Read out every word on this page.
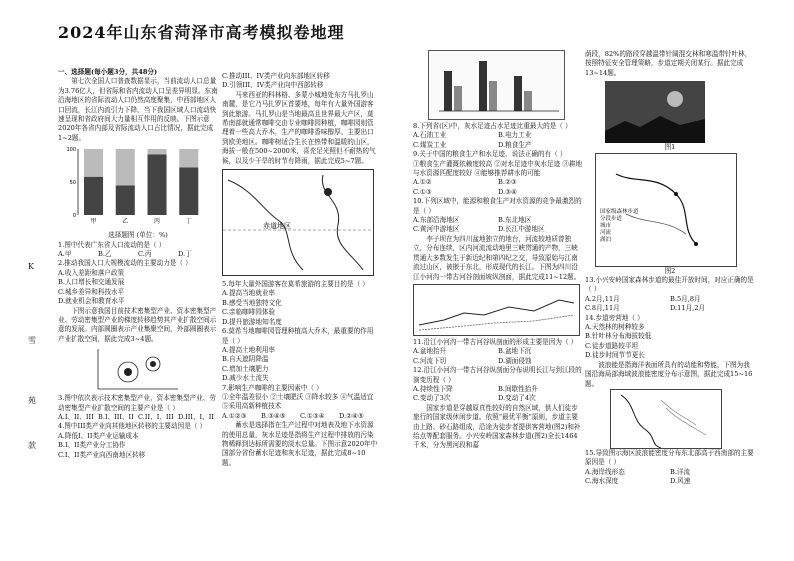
2024年山东省菏泽市高考模拟卷地理
K
雪
苑
款

一、选择题(每小题3分，共48分)

第七次全国人口普查数据显示，当前流动人口总量为3.76亿人，但省际和省内流动人口呈差异明显。东南沿海地区的省际流动人口仍然高度聚集，中西部地区人口回流，长江内流引力下降，当下我国区域人口流动快速呈现和省政府间大力量相互作用的反映。下图示意2020年各省内部及省际流动人口占比情况，据此完成1~2题。

甲	乙	丙	丁
0
50
100

选择题图 (单位：%)

1.图中代表广东省人口流动的是（ ）

A.甲	B.乙	C.丙	D.丁

2.推动我国人口大规模流动的主要动力是（ ）

A.收入差距和落户政策

B.人口增长和交通发展

C.城乡差异和科技水平

D.就业机会和教育水平

下图示意我国目前技术密集型产业、资本密集型产业、劳动密集型产业的梯度转移趋势其产业扩散空间示意的发展。内部圆圈表示产业集聚空间，外部圆圈表示产业扩散空间，据此完成3~4题。

3.图中依次表示技术密集型产业、资本密集型产业、劳动密集型产业扩散空间的主要产业是（ ）

A.I、II、III B.I、III、II C.II、I、III D.III、I、II

4.图中III类产业向其他地区转移的主要动因是（ ）

A.降低I、II类产业运输成本

B.I、II类产业分工协作

C.I、II类产业向西南地区转移

C.推动III、IV类产业向东部地区转移

D.引领III、IV类产业向中西部转移

马来西亚的科林格、多蒙小城地处东方马扎罗山南麓，是它乃马扎罗区首要地，每年有大量外国游客到此旅游。马扎罗山是当地最高且世界最大产区，莫希南部就通常咖啡交由专业咖啡园种植，咖啡园则管理着一些高大乔木，生产的咖啡香味醇厚。主要出口到欧美地区。咖啡树适合生长在热带和温暖的山区，海拔一般在500~2000米，喜充足光照但不耐热的气候，以及少干旱的时节有降雨，据此完成5~7题。

赤道地区

5.每年大量外国游客在莫希旅游的主要目的是（ ）

A.提高当地就业率

B.感受当地独特文化

C.亲临咖啡园体验

D.提升旅游地知名度

6.莫希当地咖啡园管理种植高大乔木，最重要的作用是（ ）

A.提高土地利用率

B.自天遮阴降温

C.增加土壤肥力

D.减少水土流失

7.影响生产咖啡的主要因素中（ ）

①全年温差很小 ②土壤肥沃 ③降水较多 ④气温适宜 ⑤采用高新种植技术

A.①②③	B.③④⑤	C.①③④	D.②④⑤

蓄水是选择指在生产过程中对地表及地下水资源的使用总量，灰水足迹是指将生产过程中排放的污染物稀释到达标所需要的淡水总量。下图示意2020年中国部分省份蓄水足迹和灰水足迹，据此完成8~10题。

8.下列省(区)中，灰水足迹占水足迹比重最大的是（ ）

A.石油工业	B.电力工业
C.煤炭工业	D.粮食生产

9.关于中国的粮食生产和水足迹，说法正确的有（ ）

①粮食生产灌溉依赖度较高 ②对水足迹中灰水足迹 ③耕地与水资源匹配度较好 ④能够推荐耕水的可能

A.①②	B.②③
C.①③	D.③④

10.下列区域中，能源和粮食生产对水资源的竞争最激烈的是（ ）

A.东部沿海地区	B.东北地区
C.黄河中游地区	D.长江中游地区

李子坝在为四川盆地独立的地台，河流较地质曾独立，分布连续，区内河流流动地里三峡贯通的产物，三峡贯通大多数发生于新近纪和第四纪之交，导致原始与江南流过山区，被嵌于东北，形成现代的长江。下图为四川沿江小河沟一带古河谷剖面坡纵剖面，据此完成11~12题。

11.沿江小河沟一带古河谷纵剖面的形成主要是因为（ ）

A.盆地抬升	B.盆地下沉
C.河流下切	D.湖面侵蚀

12.沿江小河沟一带古河谷纵剖面分布说明长江与到江段的演变历程（ ）

A.持续性下降	B.间歇性抬升
C.变动了3次	D.变动了4次

国家步道是穿越原真性较好的自然区域，供人们徒步旅行的国家级休闲步道。依照“最优平衡”原则，步道主要由上路、砂石路组成，沿途为徒步者提供客营地(图2)和补给点等配套服务。小兴安岭国家森林步道(图2)全长1464千米，分为黑河段和嘉

荫段，82%的路段穿越温带针阔混交林和寒温带针叶林，按照特征安全管理策略，步道定期关闭某行。据此完成13~14题。

图1

国家级森林步道
分段步道
城市
河流
湖泊

图2

13.小兴安岭国家森林步道的最佳开放时间，对应正确的是（ ）

A.2月,11月	B.5月,8月
C.8月,11月	D.11月,2月

14.步道旁营地（ ）

A.天然林的树种较多

B.针叶林分布海拔较低

C.徒步道路较平坦

D.徒步时间节节更长

波浪能是指海洋表面所具有的动能和势能，下图为我国沿海局部海域波浪能密度分布示意图，据此完成15~16题。

15.导致图示海区波浪能密度分布东北部高于西南部的主要原因是（ ）

A.海岸线形态	B.洋流
C.海水深度	D.风速
